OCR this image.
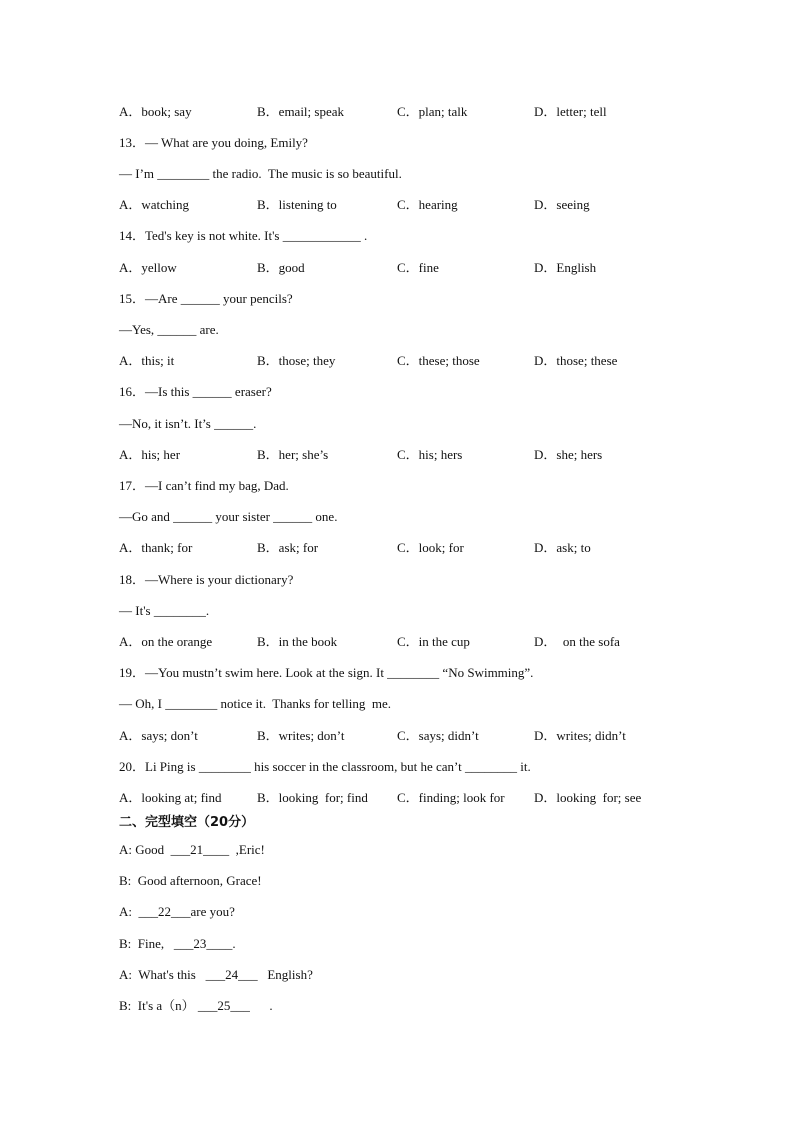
A．book; say	B．email; speak	C．plan; talk	D．letter; tell
13．— What are you doing, Emily?
— I’m ________ the radio.  The music is so beautiful.
A．watching	B．listening to	C．hearing	D．seeing
14．Ted's key is not white. It's ____________ .
A．yellow	B．good	C．fine	D．English
15．—Are ______ your pencils?
—Yes, ______ are.
A．this; it	B．those; they	C．these; those	D．those; these
16．—Is this ______ eraser?
—No, it isn’t. It’s ______.
A．his; her	B．her; she’s	C．his; hers	D．she; hers
17．—I can’t find my bag, Dad.
—Go and ______ your sister ______ one.
A．thank; for	B．ask; for	C．look; for	D．ask; to
18．—Where is your dictionary?
— It's ________.
A．on the orange	B．in the book	C．in the cup	D．  on the sofa
19．—You mustn’t swim here. Look at the sign. It ________ “No Swimming”.
— Oh, I ________ notice it.  Thanks for telling  me.
A．says; don’t	B．writes; don’t	C．says; didn’t	D．writes; didn’t
20．Li Ping is ________ his soccer in the classroom, but he can’t ________ it.
A．looking at; find	B．looking  for; find C．finding; look for D．looking  for; see
二、完型填空（20分）
A: Good  ___21____  ,Eric!
B:  Good afternoon, Grace!
A:  ___22___are you?
B:  Fine,   ___23____.
A:  What's this   ___24___   English?
B:  It's a（n） ___25___      .
